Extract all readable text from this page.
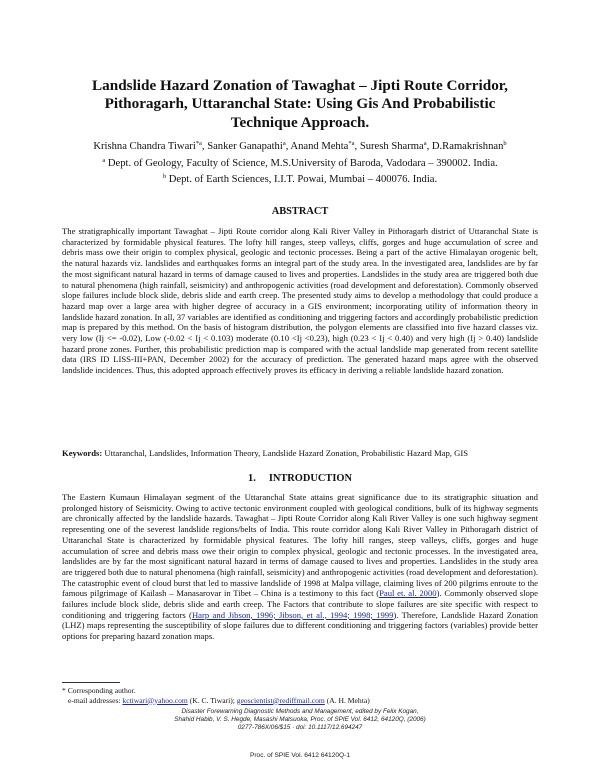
Landslide Hazard Zonation of Tawaghat – Jipti Route Corridor,
Pithoragarh, Uttaranchal State: Using Gis And Probabilistic
Technique Approach.
Krishna Chandra Tiwari$^{*a}$, Sanker Ganapathi$^a$, Anand Mehta$^{*a}$, Suresh Sharma$^a$, D.Ramakrishnan$^b$
$^a$ Dept. of Geology, Faculty of Science, M.S.University of Baroda, Vadodara – 390002. India.
$^b$ Dept. of Earth Sciences, I.I.T. Powai, Mumbai – 400076. India.
ABSTRACT

The stratigraphically important Tawaghat – Jipti Route corridor along Kali River Valley in Pithoragarh district of Uttaranchal State is characterized by formidable physical features. The lofty hill ranges, steep valleys, cliffs, gorges and huge accumulation of scree and debris mass owe their origin to complex physical, geologic and tectonic processes. Being a part of the active Himalayan orogenic belt, the natural hazards viz. landslides and earthquakes forms an integral part of the study area. In the investigated area, landslides are by far the most significant natural hazard in terms of damage caused to lives and properties. Landslides in the study area are triggered both due to natural phenomena (high rainfall, seismicity) and anthropogenic activities (road development and deforestation). Commonly observed slope failures include block slide, debris slide and earth creep. The presented study aims to develop a methodology that could produce a hazard map over a large area with higher degree of accuracy in a GIS environment; incorporating utility of information theory in landslide hazard zonation. In all, 37 variables are identified as conditioning and triggering factors and accordingly probabilistic prediction map is prepared by this method. On the basis of histogram distribution, the polygon elements are classified into five hazard classes viz. very low (Ij <= -0.02), Low (-0.02 < Ij < 0.103) moderate (0.10 <Ij <0.23), high (0.23 < Ij < 0.40) and very high (Ij > 0.40) landslide hazard prone zones. Further, this probabilistic prediction map is compared with the actual landslide map generated from recent satellite data (IRS ID LISS-III+PAN, December 2002) for the accuracy of prediction. The generated hazard maps agree with the observed landslide incidences. Thus, this adopted approach effectively proves its efficacy in deriving a reliable landslide hazard zonation.

Keywords: Uttaranchal, Landslides, Information Theory, Landslide Hazard Zonation, Probabilistic Hazard Map, GIS
1.     INTRODUCTION

The Eastern Kumaun Himalayan segment of the Uttaranchal State attains great significance due to its stratigraphic situation and prolonged history of Seismicity. Owing to active tectonic environment coupled with geological conditions, bulk of its highway segments are chronically affected by the landslide hazards. Tawaghat – Jipti Route Corridor along Kali River Valley is one such highway segment representing one of the severest landslide regions/belts of India. This route corridor along Kali River Valley in Pithoragarh district of Uttaranchal State is characterized by formidable physical features. The lofty hill ranges, steep valleys, cliffs, gorges and huge accumulation of scree and debris mass owe their origin to complex physical, geologic and tectonic processes. In the investigated area, landslides are by far the most significant natural hazard in terms of damage caused to lives and properties. Landslides in the study area are triggered both due to natural phenomena (high rainfall, seismicity) and anthropogenic activities (road development and deforestation). The catastrophic event of cloud burst that led to massive landslide of 1998 at Malpa village, claiming lives of 200 pilgrims enroute to the famous pilgrimage of Kailash – Manasarovar in Tibet – China is a testimony to this fact (Paul et. al. 2000). Commonly observed slope failures include block slide, debris slide and earth creep. The Factors that contribute to slope failures are site specific with respect to conditioning and triggering factors (Harp and Jibson, 1996; Jibson, et al., 1994; 1998; 1999). Therefore, Landslide Hazard Zonation (LHZ) maps representing the susceptibility of slope failures due to different conditioning and triggering factors (variables) provide better options for preparing hazard zonation maps.

* Corresponding author.
e-mail addresses: kctiwari@yahoo.com (K. C. Tiwari); geoscientist@rediffmail.com (A. H. Mehta)
Disaster Forewarning Diagnostic Methods and Management, edited by Felix Kogan,
Shahid Habib, V. S. Hegde, Masashi Matsuoka, Proc. of SPIE Vol. 6412, 64120Q, (2006)
0277-786X/06/$15 · doi: 10.1117/12.694247
Proc. of SPIE Vol. 6412 64120Q-1
